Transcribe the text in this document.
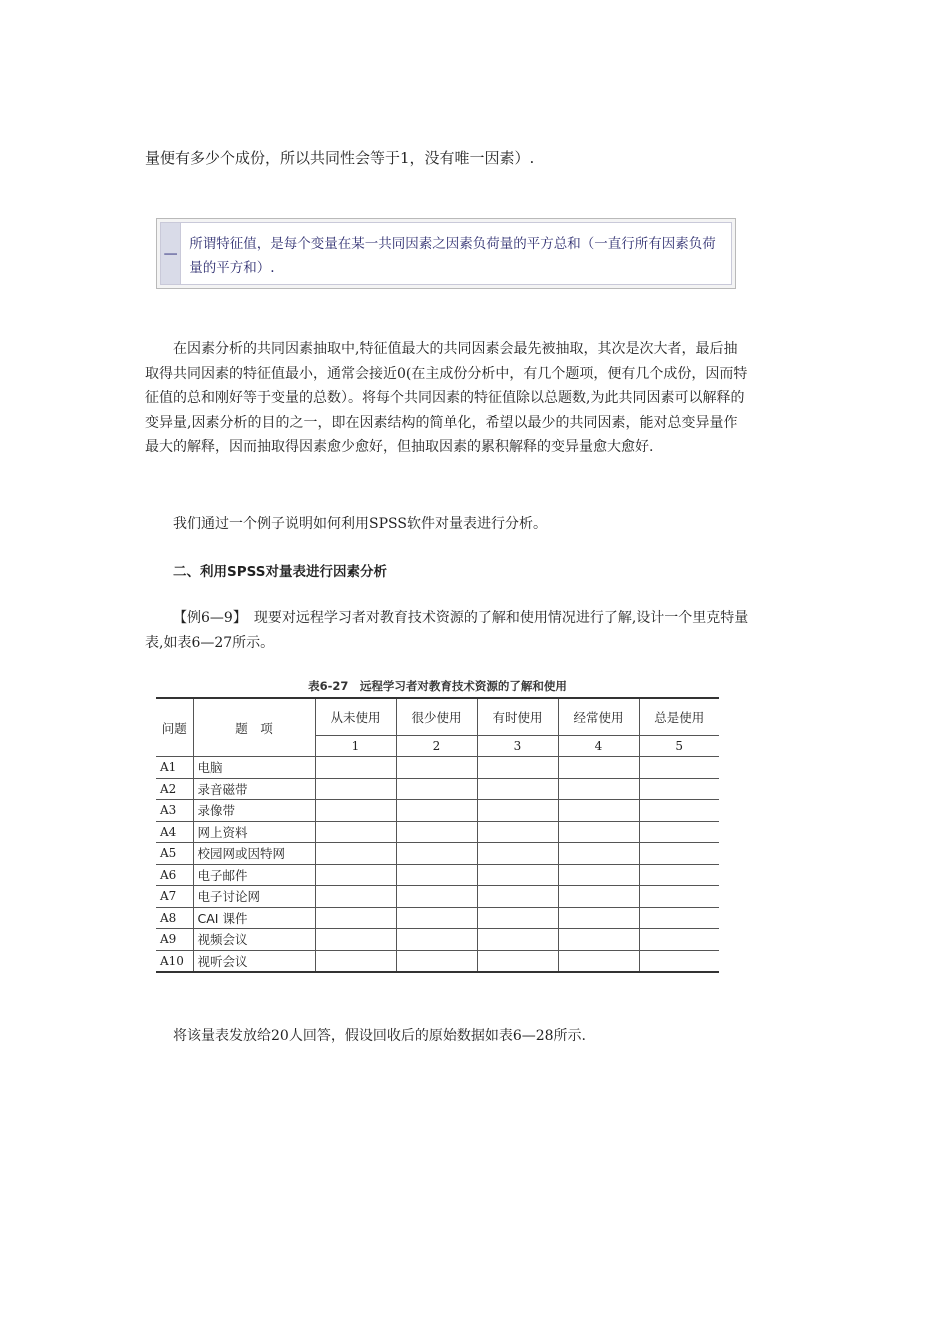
量便有多少个成份，所以共同性会等于1，没有唯一因素）.

—
所谓特征值，是每个变量在某一共同因素之因素负荷量的平方总和（一直行所有因素负荷量的平方和）.

在因素分析的共同因素抽取中,特征值最大的共同因素会最先被抽取，其次是次大者，最后抽取得共同因素的特征值最小，通常会接近0(在主成份分析中，有几个题项，便有几个成份，因而特征值的总和刚好等于变量的总数）。将每个共同因素的特征值除以总题数,为此共同因素可以解释的变异量,因素分析的目的之一，即在因素结构的简单化，希望以最少的共同因素，能对总变异量作最大的解释，因而抽取得因素愈少愈好，但抽取因素的累积解释的变异量愈大愈好.

我们通过一个例子说明如何利用SPSS软件对量表进行分析。

二、利用SPSS对量表进行因素分析

【例6—9】　现要对远程学习者对教育技术资源的了解和使用情况进行了解,设计一个里克特量表,如表6—27所示。

表6-27　远程学习者对教育技术资源的了解和使用
问题	题　项	从未使用	很少使用	有时使用	经常使用	总是使用
		1	2	3	4	5
A1	电脑					
A2	录音磁带					
A3	录像带					
A4	网上资料					
A5	校园网或因特网					
A6	电子邮件					
A7	电子讨论网					
A8	CAI 课件					
A9	视频会议					
A10	视听会议					

将该量表发放给20人回答，假设回收后的原始数据如表6—28所示.
